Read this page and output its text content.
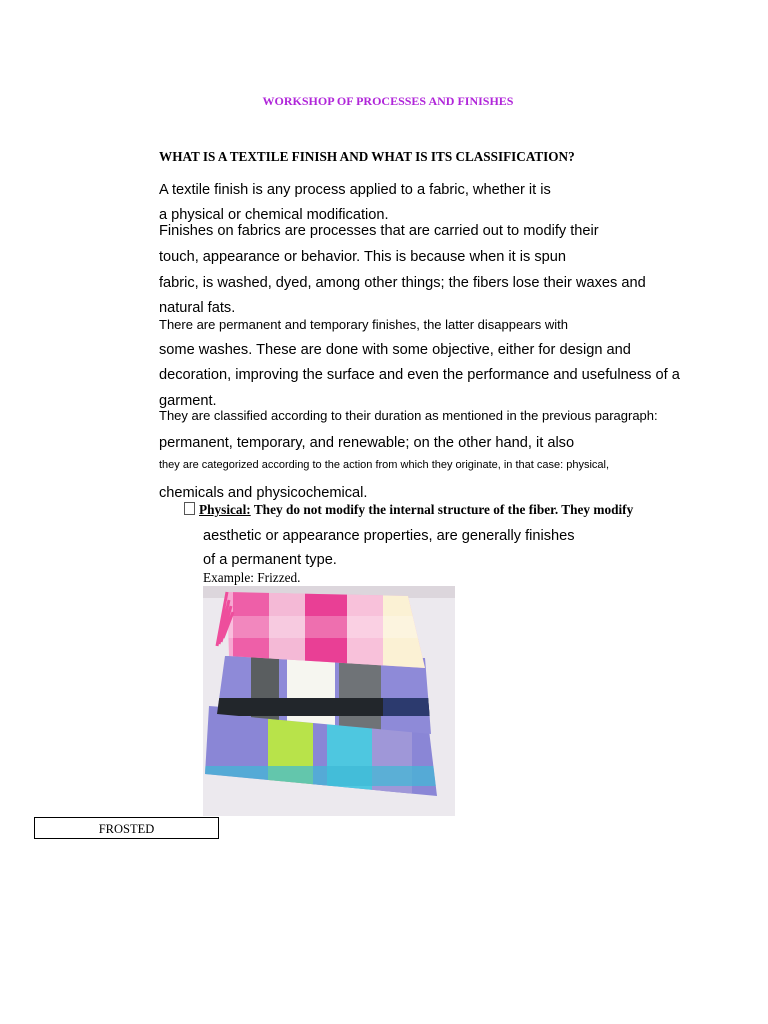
WORKSHOP OF PROCESSES AND FINISHES
WHAT IS A TEXTILE FINISH AND WHAT IS ITS CLASSIFICATION?
A textile finish is any process applied to a fabric, whether it is
a physical or chemical modification.
Finishes on fabrics are processes that are carried out to modify their
touch, appearance or behavior. This is because when it is spun
fabric, is washed, dyed, among other things; the fibers lose their waxes and
natural fats.
There are permanent and temporary finishes, the latter disappears with
some washes. These are done with some objective, either for design and
decoration, improving the surface and even the performance and usefulness of a
garment.
They are classified according to their duration as mentioned in the previous paragraph:
permanent, temporary, and renewable; on the other hand, it also
they are categorized according to the action from which they originate, in that case: physical,
chemicals and physicochemical.
Physical: They do not modify the internal structure of the fiber. They modify
aesthetic or appearance properties, are generally finishes
of a permanent type.
Example: Frizzed.
FROSTED
